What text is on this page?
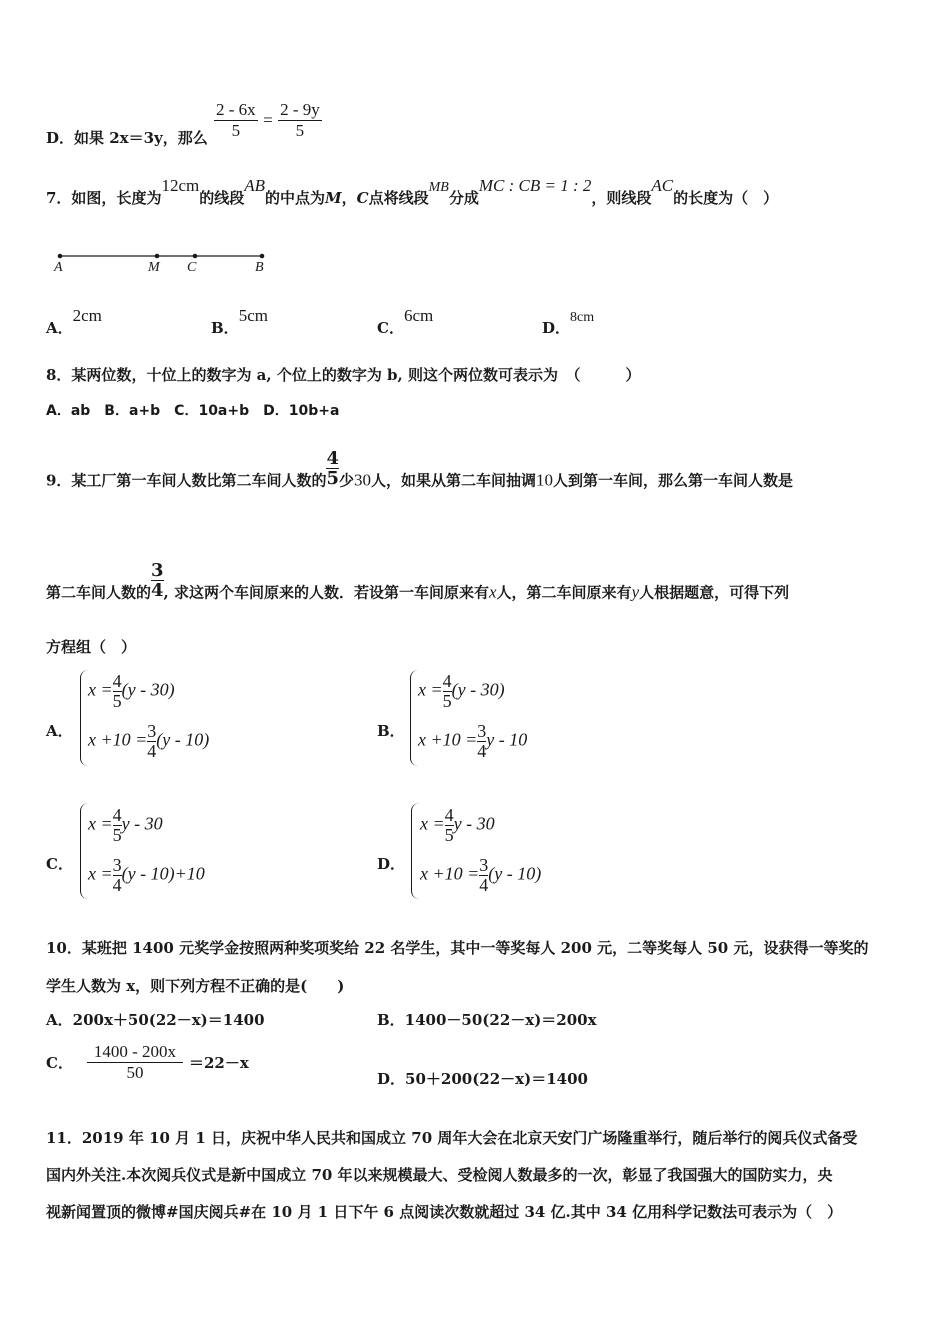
D．如果 2x＝3y，那么 $\frac{2 - 6x}{5} = \frac{2 - 9y}{5}$
7．如图，长度为12cm的线段AB的中点为M，C点将线段MB分成MC : CB = 1 : 2，则线段AC的长度为（　）
A	M C	B
A．2cm
B．5cm
C．6cm
D．8cm
8．某两位数，十位上的数字为 a, 个位上的数字为 b, 则这个两位数可表示为　（　　　）
A．ab　B．a+b　C．10a+b　D．10b+a
9．某工厂第一车间人数比第二车间人数的 $\frac{4}{5}$ 少30人，如果从第二车间抽调10人到第一车间，那么第一车间人数是
第二车间人数的 $\frac{3}{4}$ , 求这两个车间原来的人数．若设第一车间原来有x人，第二车间原来有y人根据题意，可得下列
方程组（　）
A．
$x = \frac{4}{5} (y - 30)$
$x +10 = \frac{3}{4} (y - 10)$	B．
$x = \frac{4}{5} (y - 30)$
$x +10 = \frac{3}{4}$ y - 10
C．
$x = \frac{4}{5}$ y - 30
$x = \frac{3}{4} (y - 10)+10$	D．
$x = \frac{4}{5}$ y - 30
$x +10 = \frac{3}{4} (y - 10)$
10．某班把 1400 元奖学金按照两种奖项奖给 22 名学生，其中一等奖每人 200 元，二等奖每人 50 元，设获得一等奖的
学生人数为 x，则下列方程不正确的是(　　)
A．200x＋50(22－x)＝1400	B．1400－50(22－x)＝200x
C． $\frac{1400 - 200x}{50} =22-x$
D．50＋200(22－x)＝1400
11．2019 年 10 月 1 日，庆祝中华人民共和国成立 70 周年大会在北京天安门广场隆重举行，随后举行的阅兵仪式备受
国内外关注.本次阅兵仪式是新中国成立 70 年以来规模最大、受检阅人数最多的一次，彰显了我国强大的国防实力，央
视新闻置顶的微博#国庆阅兵#在 10 月 1 日下午 6 点阅读次数就超过 34 亿.其中 34 亿用科学记数法可表示为（　）
